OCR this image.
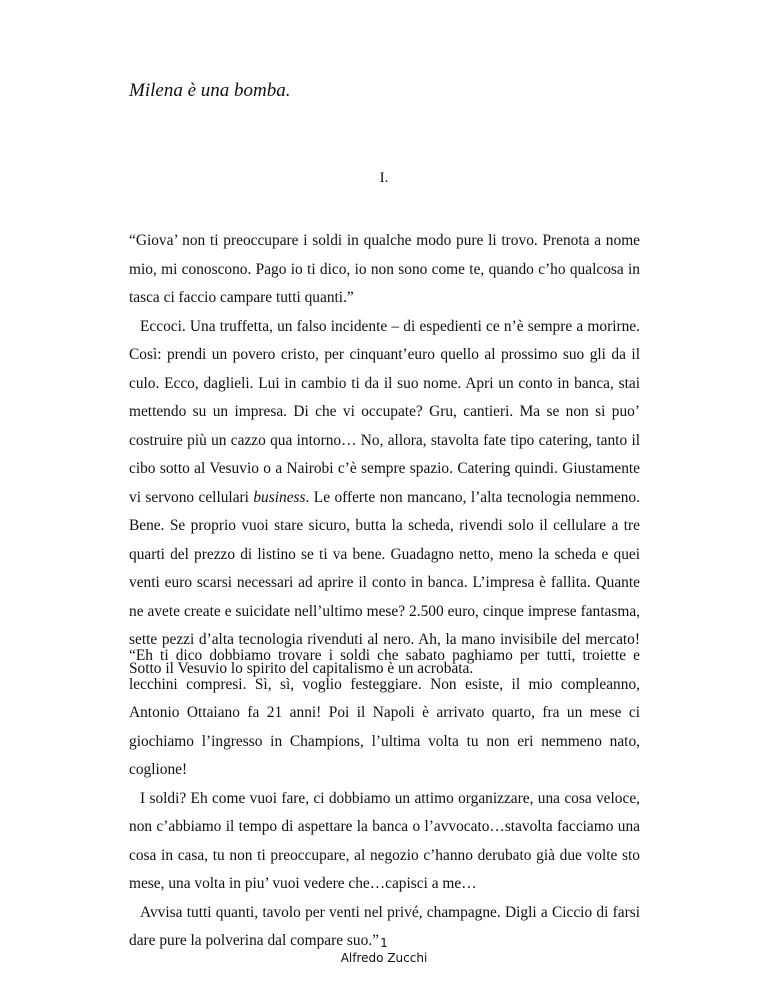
Milena è una bomba.
I.

“Giova’ non ti preoccupare i soldi in qualche modo pure li trovo. Prenota a nome mio, mi conoscono. Pago io ti dico, io non sono come te, quando c’ho qualcosa in tasca ci faccio campare tutti quanti.”

Eccoci. Una truffetta, un falso incidente – di espedienti ce n’è sempre a morirne. Così: prendi un povero cristo, per cinquant’euro quello al prossimo suo gli da il culo. Ecco, daglieli. Lui in cambio ti da il suo nome. Apri un conto in banca, stai mettendo su un impresa. Di che vi occupate? Gru, cantieri. Ma se non si puo’ costruire più un cazzo qua intorno… No, allora, stavolta fate tipo catering, tanto il cibo sotto al Vesuvio o a Nairobi c’è sempre spazio. Catering quindi. Giustamente vi servono cellulari business. Le offerte non mancano, l’alta tecnologia nemmeno. Bene. Se proprio vuoi stare sicuro, butta la scheda, rivendi solo il cellulare a tre quarti del prezzo di listino se ti va bene. Guadagno netto, meno la scheda e quei venti euro scarsi necessari ad aprire il conto in banca. L’impresa è fallita. Quante ne avete create e suicidate nell’ultimo mese? 2.500 euro, cinque imprese fantasma, sette pezzi d’alta tecnologia rivenduti al nero. Ah, la mano invisibile del mercato! Sotto il Vesuvio lo spirito del capitalismo è un acrobata.

“Eh ti dico dobbiamo trovare i soldi che sabato paghiamo per tutti, troiette e lecchini compresi. Sì, sì, voglio festeggiare. Non esiste, il mio compleanno, Antonio Ottaiano fa 21 anni! Poi il Napoli è arrivato quarto, fra un mese ci giochiamo l’ingresso in Champions, l’ultima volta tu non eri nemmeno nato, coglione!

I soldi? Eh come vuoi fare, ci dobbiamo un attimo organizzare, una cosa veloce, non c’abbiamo il tempo di aspettare la banca o l’avvocato…stavolta facciamo una cosa in casa, tu non ti preoccupare, al negozio c’hanno derubato già due volte sto mese, una volta in piu’ vuoi vedere che…capisci a me…

Avvisa tutti quanti, tavolo per venti nel privé, champagne. Digli a Ciccio di farsi dare pure la polverina dal compare suo.” 1
Alfredo Zucchi
